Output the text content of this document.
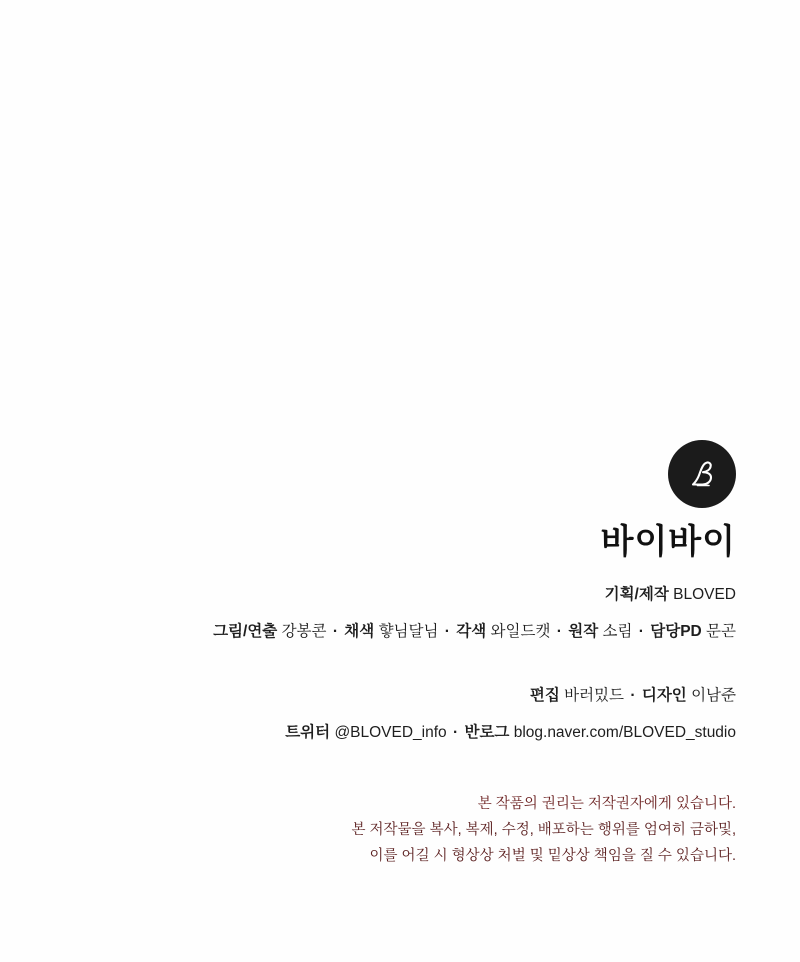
바이바이
기획/제작 BLOVED
그림/연출 강봉콘 · 채색 햫님달님 · 각색 와일드캣 · 원작 소림 · 담당PD 문곤
편집 바러밌드 · 디자인 이남준
트위터 @BLOVED_info · 반로그 blog.naver.com/BLOVED_studio
본 작품의 권리는 저작권자에게 있습니다.
본 저작물을 복사, 복제, 수정, 배포하는 행위를 엄여히 금하및,
이를 어길 시 형상상 처벌 및 밑상상 책임을 질 수 있습니다.
